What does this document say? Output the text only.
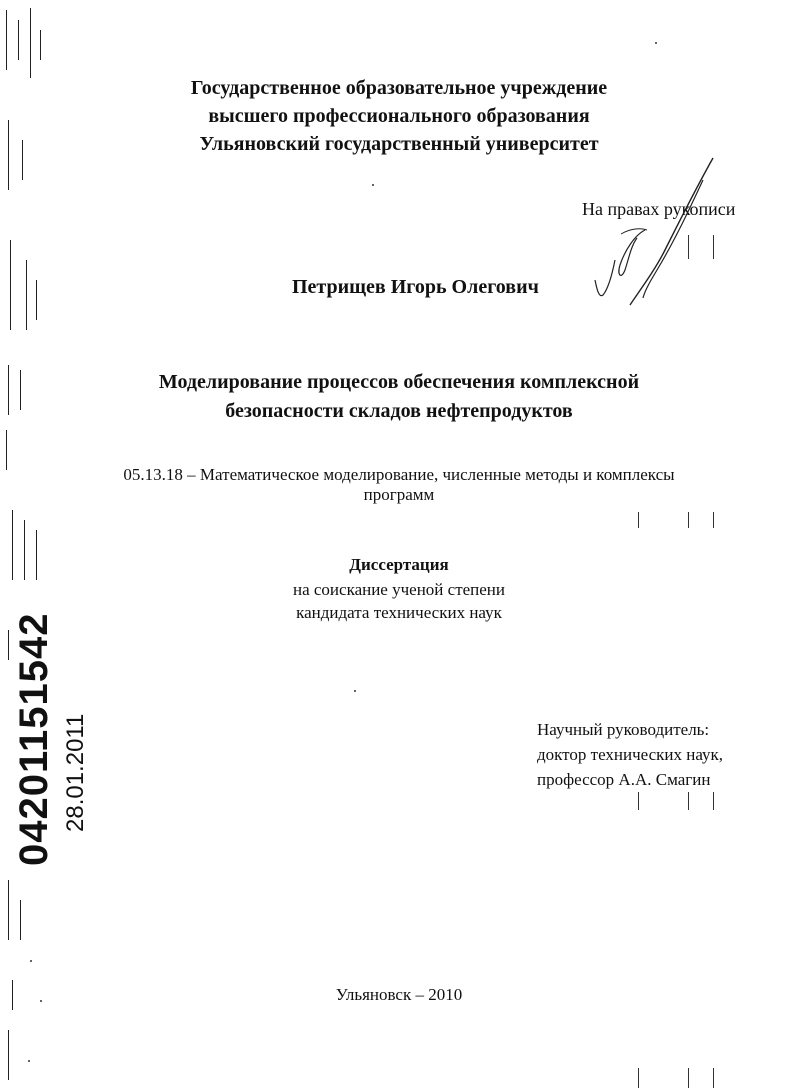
04201151542 28.01.2011
Государственное образовательное учреждение
высшего профессионального образования
Ульяновский государственный университет
На правах рукописи
Петрищев Игорь Олегович
Моделирование процессов обеспечения комплексной
безопасности складов нефтепродуктов
05.13.18 – Математическое моделирование, численные методы и комплексы
программ
Диссертация
на соискание ученой степени
кандидата технических наук
Научный руководитель:
доктор технических наук,
профессор А.А. Смагин
Ульяновск – 2010
